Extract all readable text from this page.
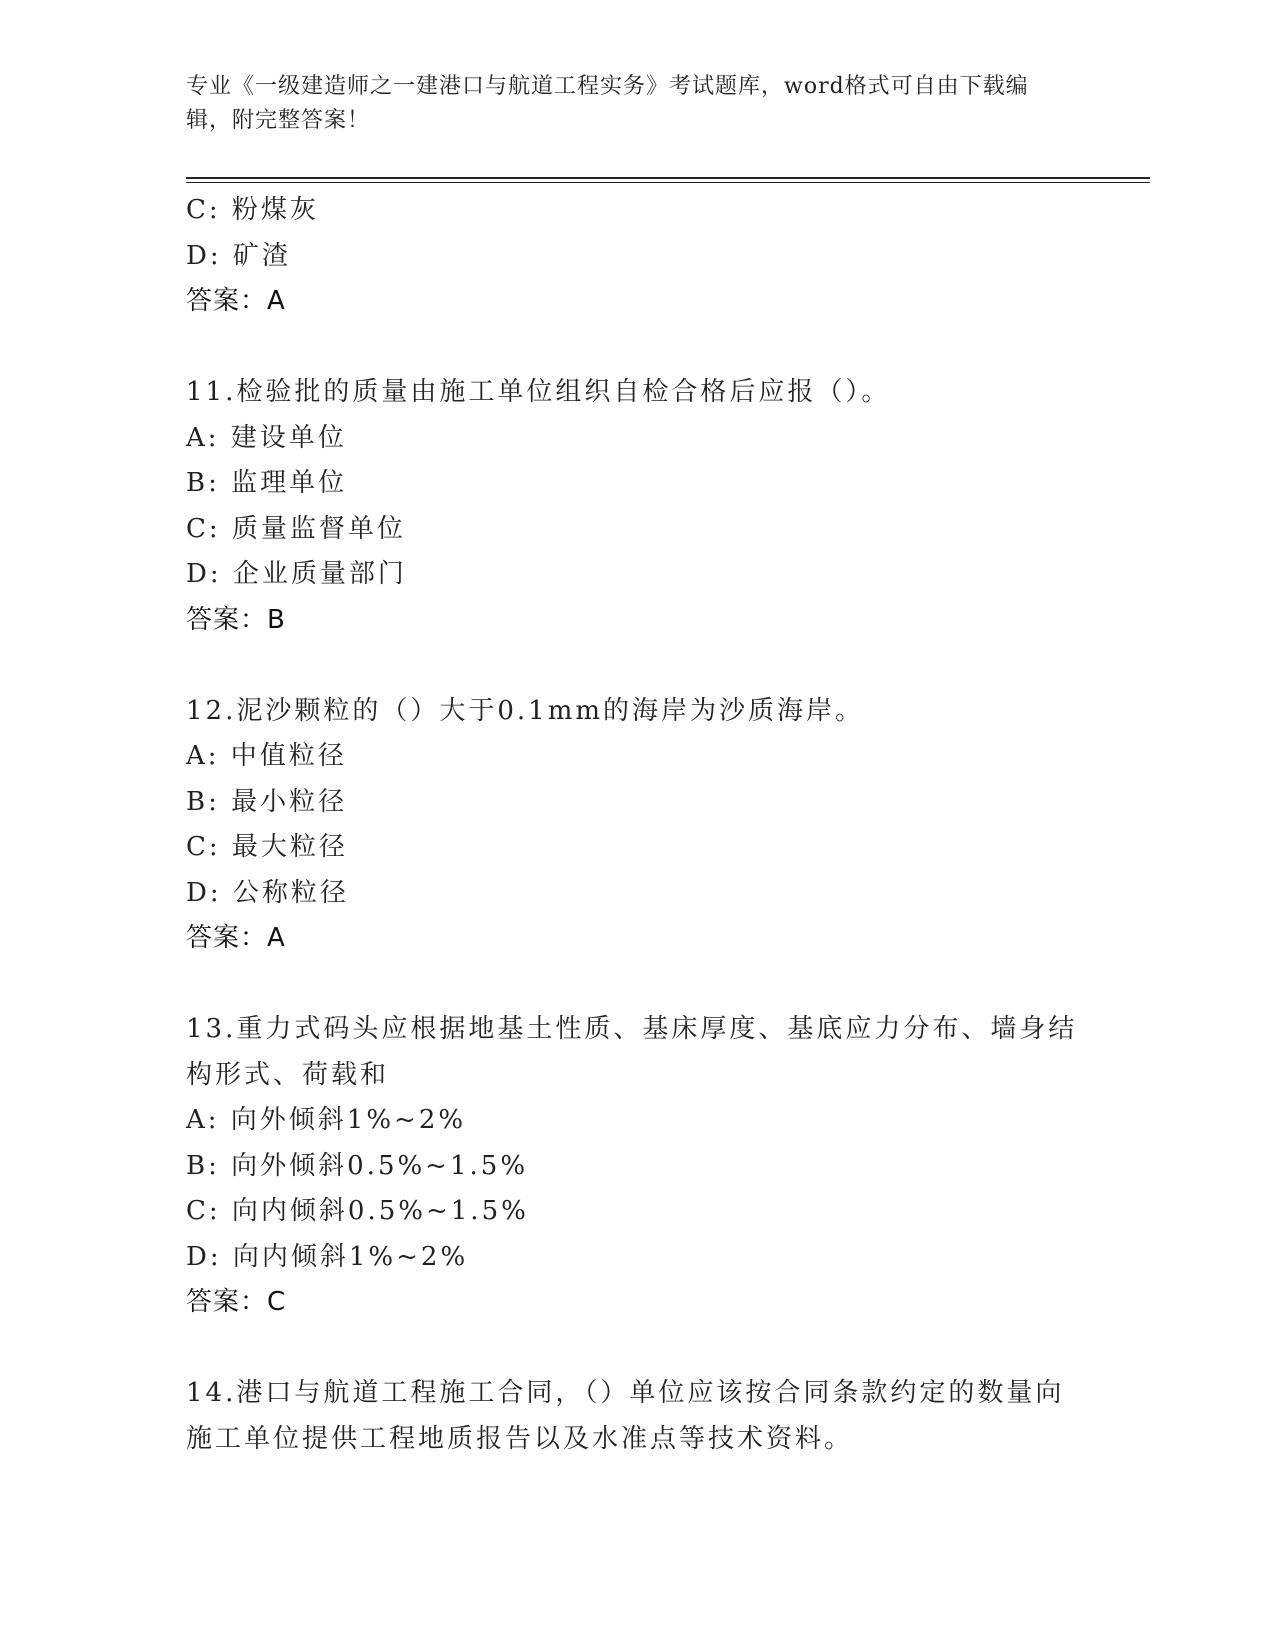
专业《一级建造师之一建港口与航道工程实务》考试题库，word格式可自由下载编辑，附完整答案！
C: 粉煤灰
D: 矿渣
答案：A
11.检验批的质量由施工单位组织自检合格后应报（）。
A: 建设单位
B: 监理单位
C: 质量监督单位
D: 企业质量部门
答案：B
12.泥沙颗粒的（）大于0.1mm的海岸为沙质海岸。
A: 中值粒径
B: 最小粒径
C: 最大粒径
D: 公称粒径
答案：A
13.重力式码头应根据地基土性质、基床厚度、基底应力分布、墙身结
构形式、荷载和
A: 向外倾斜1%~2%
B: 向外倾斜0.5%~1.5%
C: 向内倾斜0.5%~1.5%
D: 向内倾斜1%~2%
答案：C
14.港口与航道工程施工合同，（）单位应该按合同条款约定的数量向
施工单位提供工程地质报告以及水准点等技术资料。
